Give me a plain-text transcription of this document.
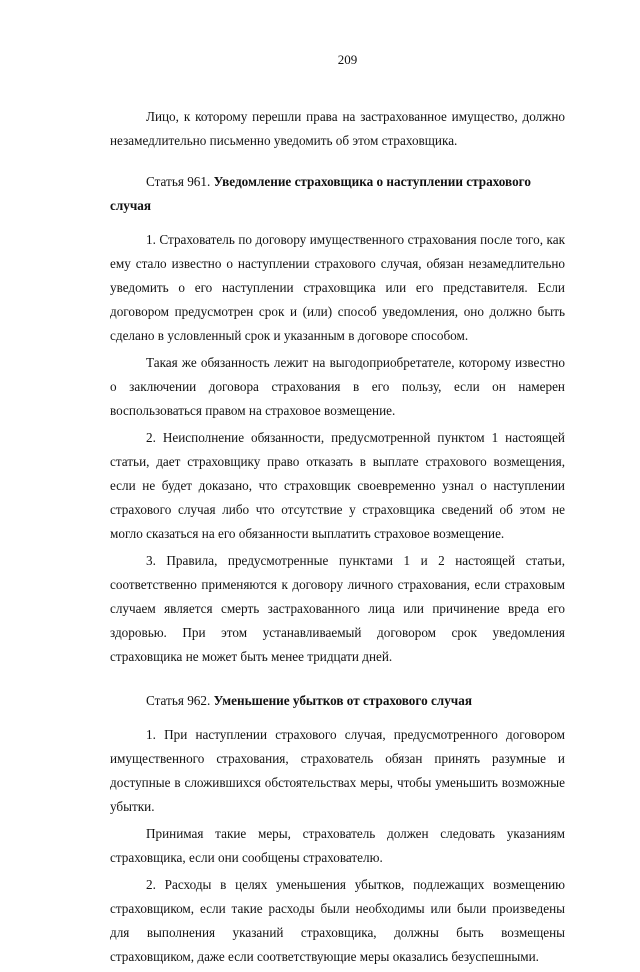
209

Лицо, к которому перешли права на застрахованное имущество, должно незамедлительно письменно уведомить об этом страховщика.

Статья 961. Уведомление страховщика о наступлении страхового случая

1. Страхователь по договору имущественного страхования после того, как ему стало известно о наступлении страхового случая, обязан незамедлительно уведомить о его наступлении страховщика или его представителя. Если договором предусмотрен срок и (или) способ уведомления, оно должно быть сделано в условленный срок и указанным в договоре способом.

Такая же обязанность лежит на выгодоприобретателе, которому известно о заключении договора страхования в его пользу, если он намерен воспользоваться правом на страховое возмещение.

2. Неисполнение обязанности, предусмотренной пунктом 1 настоящей статьи, дает страховщику право отказать в выплате страхового возмещения, если не будет доказано, что страховщик своевременно узнал о наступлении страхового случая либо что отсутствие у страховщика сведений об этом не могло сказаться на его обязанности выплатить страховое возмещение.

3. Правила, предусмотренные пунктами 1 и 2 настоящей статьи, соответственно применяются к договору личного страхования, если страховым случаем является смерть застрахованного лица или причинение вреда его здоровью. При этом устанавливаемый договором срок уведомления страховщика не может быть менее тридцати дней.

Статья 962. Уменьшение убытков от страхового случая

1. При наступлении страхового случая, предусмотренного договором имущественного страхования, страхователь обязан принять разумные и доступные в сложившихся обстоятельствах меры, чтобы уменьшить возможные убытки.

Принимая такие меры, страхователь должен следовать указаниям страховщика, если они сообщены страхователю.

2. Расходы в целях уменьшения убытков, подлежащих возмещению страховщиком, если такие расходы были необходимы или были произведены для выполнения указаний страховщика, должны быть возмещены страховщиком, даже если соответствующие меры оказались безуспешными.
